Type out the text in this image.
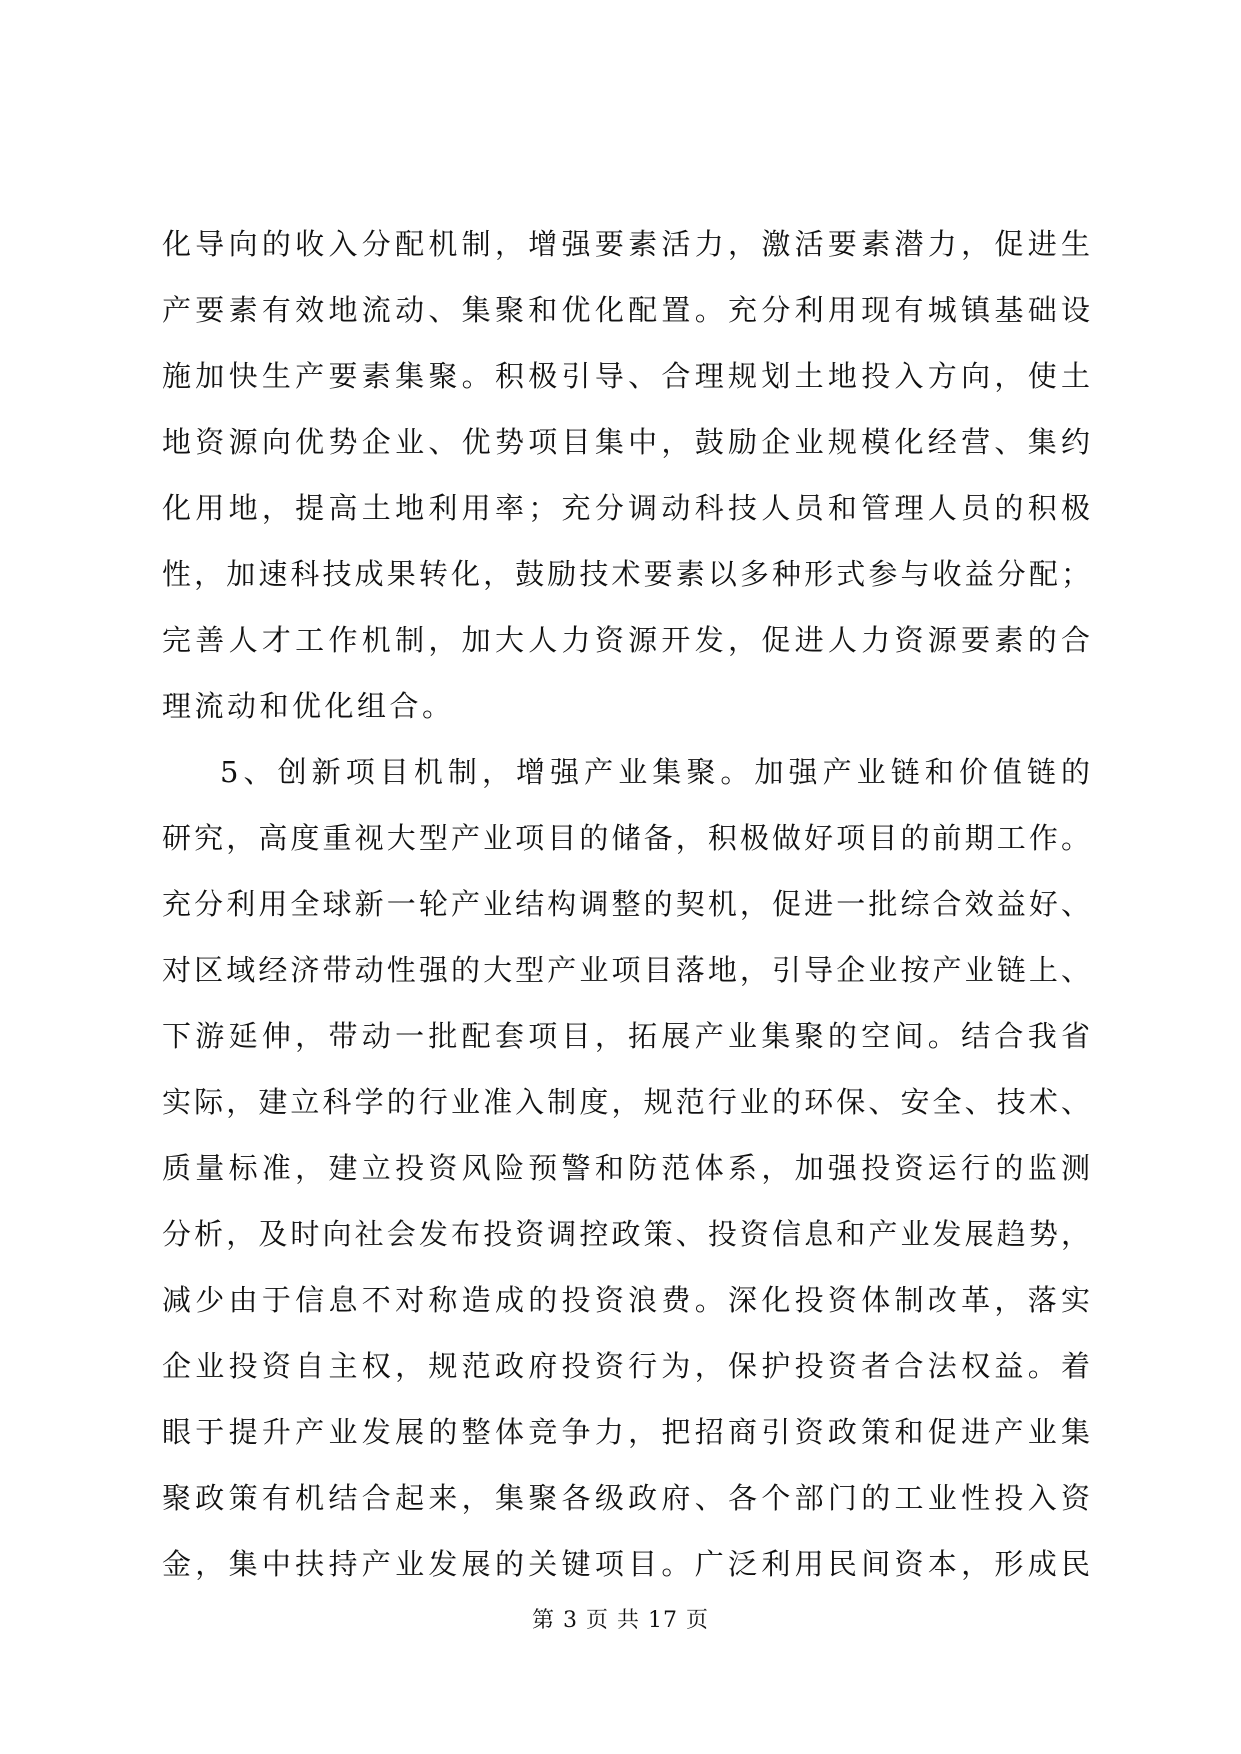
化导向的收入分配机制，增强要素活力，激活要素潜力，促进生
产要素有效地流动、集聚和优化配置。充分利用现有城镇基础设
施加快生产要素集聚。积极引导、合理规划土地投入方向，使土
地资源向优势企业、优势项目集中，鼓励企业规模化经营、集约
化用地，提高土地利用率；充分调动科技人员和管理人员的积极
性，加速科技成果转化，鼓励技术要素以多种形式参与收益分配；
完善人才工作机制，加大人力资源开发，促进人力资源要素的合
理流动和优化组合。
5、创新项目机制，增强产业集聚。加强产业链和价值链的
研究，高度重视大型产业项目的储备，积极做好项目的前期工作。
充分利用全球新一轮产业结构调整的契机，促进一批综合效益好、
对区域经济带动性强的大型产业项目落地，引导企业按产业链上、
下游延伸，带动一批配套项目，拓展产业集聚的空间。结合我省
实际，建立科学的行业准入制度，规范行业的环保、安全、技术、
质量标准，建立投资风险预警和防范体系，加强投资运行的监测
分析，及时向社会发布投资调控政策、投资信息和产业发展趋势，
减少由于信息不对称造成的投资浪费。深化投资体制改革，落实
企业投资自主权，规范政府投资行为，保护投资者合法权益。着
眼于提升产业发展的整体竞争力，把招商引资政策和促进产业集
聚政策有机结合起来，集聚各级政府、各个部门的工业性投入资
金，集中扶持产业发展的关键项目。广泛利用民间资本，形成民
第 3 页 共 17 页
